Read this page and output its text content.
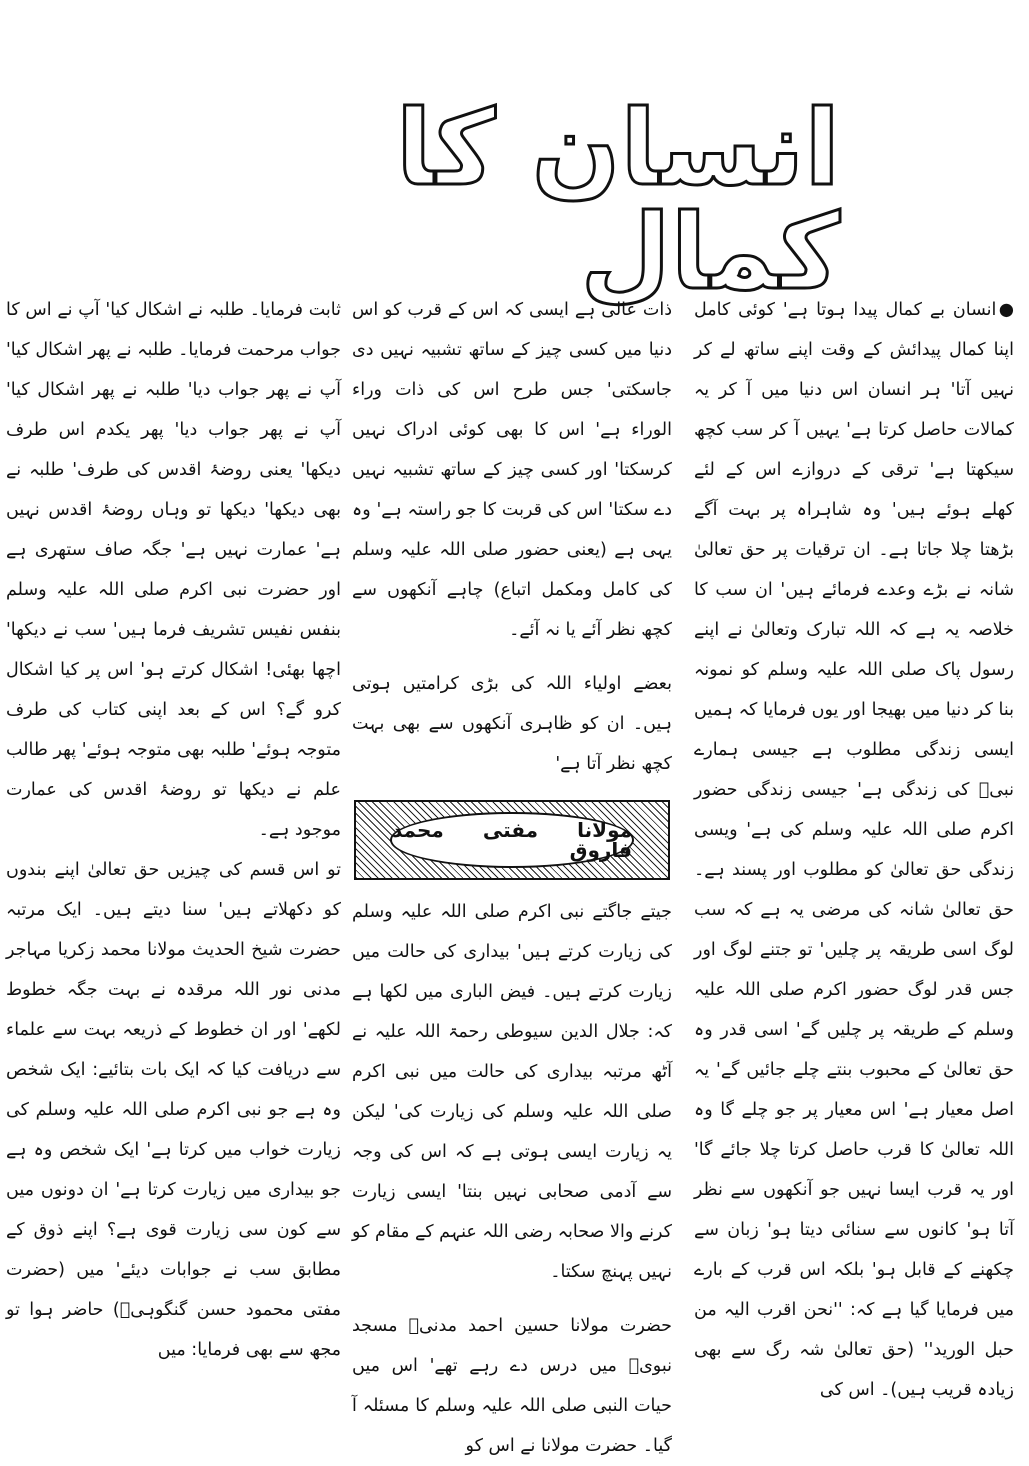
انسان کا کمال

●انسان بے کمال پیدا ہوتا ہے' کوئی کامل اپنا کمال پیدائش کے وقت اپنے ساتھ لے کر نہیں آتا' ہر انسان اس دنیا میں آ کر یہ کمالات حاصل کرتا ہے' یہیں آ کر سب کچھ سیکھتا ہے' ترقی کے دروازے اس کے لئے کھلے ہوئے ہیں' وہ شاہراہ پر بہت آگے بڑھتا چلا جاتا ہے۔ ان ترقیات پر حق تعالیٰ شانہ نے بڑے وعدے فرمائے ہیں' ان سب کا خلاصہ یہ ہے کہ اللہ تبارک وتعالیٰ نے اپنے رسول پاک صلی اللہ علیہ وسلم کو نمونہ بنا کر دنیا میں بھیجا اور یوں فرمایا کہ ہمیں ایسی زندگی مطلوب ہے جیسی ہمارے نبیؐ کی زندگی ہے' جیسی زندگی حضور اکرم صلی اللہ علیہ وسلم کی ہے' ویسی زندگی حق تعالیٰ کو مطلوب اور پسند ہے۔ حق تعالیٰ شانہ کی مرضی یہ ہے کہ سب لوگ اسی طریقہ پر چلیں' تو جتنے لوگ اور جس قدر لوگ حضور اکرم صلی اللہ علیہ وسلم کے طریقہ پر چلیں گے' اسی قدر وہ حق تعالیٰ کے محبوب بنتے چلے جائیں گے' یہ اصل معیار ہے' اس معیار پر جو چلے گا وہ اللہ تعالیٰ کا قرب حاصل کرتا چلا جائے گا' اور یہ قرب ایسا نہیں جو آنکھوں سے نظر آتا ہو' کانوں سے سنائی دیتا ہو' زبان سے چکھنے کے قابل ہو' بلکہ اس قرب کے بارے میں فرمایا گیا ہے کہ: ''نحن اقرب الیہ من حبل الورید'' (حق تعالیٰ شہ رگ سے بھی زیادہ قریب ہیں)۔ اس کی

ذات عالی ہے ایسی کہ اس کے قرب کو اس دنیا میں کسی چیز کے ساتھ تشبیہ نہیں دی جاسکتی' جس طرح اس کی ذات وراء الوراء ہے' اس کا بھی کوئی ادراک نہیں کرسکتا' اور کسی چیز کے ساتھ تشبیہ نہیں دے سکتا' اس کی قربت کا جو راستہ ہے' وہ یہی ہے (یعنی حضور صلی اللہ علیہ وسلم کی کامل ومکمل اتباع) چاہے آنکھوں سے کچھ نظر آئے یا نہ آئے۔

بعضے اولیاء اللہ کی بڑی کرامتیں ہوتی ہیں۔ ان کو ظاہری آنکھوں سے بھی بہت کچھ نظر آتا ہے'

مولانا مفتی محمد فاروق

جیتے جاگتے نبی اکرم صلی اللہ علیہ وسلم کی زیارت کرتے ہیں' بیداری کی حالت میں زیارت کرتے ہیں۔ فیض الباری میں لکھا ہے کہ: جلال الدین سیوطی رحمۃ اللہ علیہ نے آٹھ مرتبہ بیداری کی حالت میں نبی اکرم صلی اللہ علیہ وسلم کی زیارت کی' لیکن یہ زیارت ایسی ہوتی ہے کہ اس کی وجہ سے آدمی صحابی نہیں بنتا' ایسی زیارت کرنے والا صحابہ رضی اللہ عنہم کے مقام کو نہیں پہنچ سکتا۔

حضرت مولانا حسین احمد مدنیؒ مسجد نبویؐ میں درس دے رہے تھے' اس میں حیات النبی صلی اللہ علیہ وسلم کا مسئلہ آ گیا۔ حضرت مولانا نے اس کو

ثابت فرمایا۔ طلبہ نے اشکال کیا' آپ نے اس کا جواب مرحمت فرمایا۔ طلبہ نے پھر اشکال کیا' آپ نے پھر جواب دیا' طلبہ نے پھر اشکال کیا' آپ نے پھر جواب دیا' پھر یکدم اس طرف دیکھا' یعنی روضۂ اقدس کی طرف' طلبہ نے بھی دیکھا' دیکھا تو وہاں روضۂ اقدس نہیں ہے' عمارت نہیں ہے' جگہ صاف ستھری ہے اور حضرت نبی اکرم صلی اللہ علیہ وسلم بنفس نفیس تشریف فرما ہیں' سب نے دیکھا' اچھا بھئی! اشکال کرتے ہو' اس پر کیا اشکال کرو گے؟ اس کے بعد اپنی کتاب کی طرف متوجہ ہوئے' طلبہ بھی متوجہ ہوئے' پھر طالب علم نے دیکھا تو روضۂ اقدس کی عمارت موجود ہے۔

تو اس قسم کی چیزیں حق تعالیٰ اپنے بندوں کو دکھلاتے ہیں' سنا دیتے ہیں۔ ایک مرتبہ حضرت شیخ الحدیث مولانا محمد زکریا مہاجر مدنی نور اللہ مرقدہ نے بہت جگہ خطوط لکھے' اور ان خطوط کے ذریعہ بہت سے علماء سے دریافت کیا کہ ایک بات بتائیے: ایک شخص وہ ہے جو نبی اکرم صلی اللہ علیہ وسلم کی زیارت خواب میں کرتا ہے' ایک شخص وہ ہے جو بیداری میں زیارت کرتا ہے' ان دونوں میں سے کون سی زیارت قوی ہے؟ اپنے ذوق کے مطابق سب نے جوابات دیئے' میں (حضرت مفتی محمود حسن گنگوہیؒ) حاضر ہوا تو مجھ سے بھی فرمایا: میں
